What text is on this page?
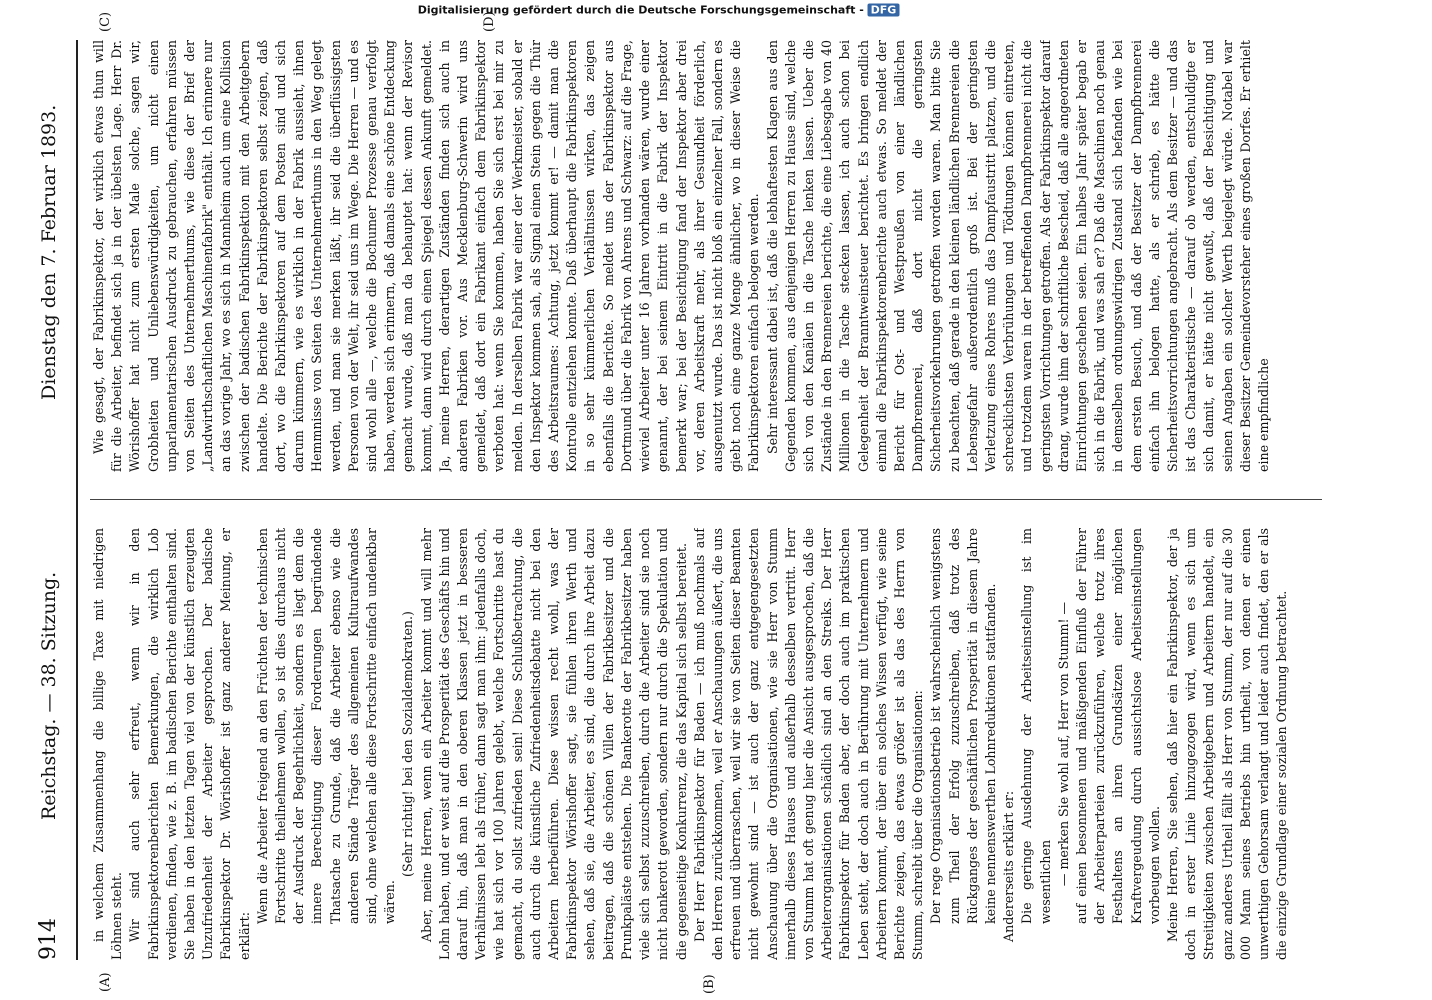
914
Reichstag. — 38. Sitzung.
Dienstag den 7. Februar 1893.
(A)	(B)
(C)	(D)

in welchem Zusammenhang die billige Taxe mit niedrigen Löhnen steht. Wir sind auch sehr erfreut, wenn wir in den Fabrikinspektorenberichten Bemerkungen, die wirklich Lob verdienen, finden, wie z. B. im badischen Berichte enthalten sind. Sie haben in den letzten Tagen viel von der künstlich erzeugten Unzufriedenheit der Arbeiter gesprochen. Der badische Fabrikinspektor Dr. Wörishoffer ist ganz anderer Meinung, er erklärt:

Wenn die Arbeiter freigend an den Früchten der technischen Fortschritte theilnehmen wollen, so ist dies durchaus nicht der Ausdruck der Begehrlichkeit, sondern es liegt dem die innere Berechtigung dieser Forderungen begründende Thatsache zu Grunde, daß die Arbeiter ebenso wie die anderen Stände Träger des allgemeinen Kulturaufwandes sind, ohne welchen alle diese Fortschritte einfach undenkbar wären.

(Sehr richtig! bei den Sozialdemokraten.) Aber, meine Herren, wenn ein Arbeiter kommt und will mehr Lohn haben, und er weist auf die Prosperität des Geschäfts hin und darauf hin, daß man in den oberen Klassen jetzt in besseren Verhältnissen lebt als früher, dann sagt man ihm: jedenfalls doch, wie hat sich vor 100 Jahren gelebt, welche Fortschritte hast du gemacht, du sollst zufrieden sein! Diese Schlußbetrachtung, die auch durch die künstliche Zufriedenheitsdebatte nicht bei den Arbeitern herbeiführen. Diese wissen recht wohl, was der Fabrikinspektor Wörishoffer sagt, sie fühlen ihren Werth und sehen, daß sie, die Arbeiter, es sind, die durch ihre Arbeit dazu beitragen, daß die schönen Villen der Fabrikbesitzer und die Prunkpaläste entstehen. Die Bankerotte der Fabrikbesitzer haben viele sich selbst zuzuschreiben, durch die Arbeiter sind sie noch nicht bankerott geworden, sondern nur durch die Spekulation und die gegenseitige Konkurrenz, die das Kapital sich selbst bereitet. Der Herr Fabrikinspektor für Baden — ich muß nochmals auf den Herren zurückkommen, weil er Anschauungen äußert, die uns erfreuen und überraschen, weil wir sie von Seiten dieser Beamten nicht gewohnt sind — ist auch der ganz entgegengesetzten Anschauung über die Organisationen, wie sie Herr von Stumm innerhalb dieses Hauses und außerhalb desselben vertritt. Herr von Stumm hat oft genug hier die Ansicht ausgesprochen, daß die Arbeiterorganisationen schädlich sind an den Streiks. Der Herr Fabrikinspektor für Baden aber, der doch auch im praktischen Leben steht, der doch auch in Berührung mit Unternehmern und Arbeitern kommt, der über ein solches Wissen verfügt, wie seine Berichte zeigen, das etwas größer ist als das des Herrn von Stumm, schreibt über die Organisationen: Der rege Organisationsbetrieb ist wahrscheinlich wenigstens zum Theil der Erfolg zuzuschreiben, daß trotz des Rückganges der geschäftlichen Prosperität in diesem Jahre keine nennenswerthen Lohnreduktionen stattfanden. Andererseits erklärt er: Die geringe Ausdehnung der Arbeitseinstellung ist im wesentlichen — merken Sie wohl auf, Herr von Stumm! — auf einen besonnenen und mäßigenden Einfluß der Führer der Arbeiterparteien zurückzuführen, welche trotz ihres Festhaltens an ihren Grundsätzen einer möglichen Kraftvergeudung durch aussichtslose Arbeitseinstellungen vorbeugen wollen. Meine Herren, Sie sehen, daß hier ein Fabrikinspektor, der ja doch in erster Linie hinzugezogen wird, wenn es sich um Streitigkeiten zwischen Arbeitgebern und Arbeitern handelt, ein ganz anderes Urtheil fällt als Herr von Stumm, der nur auf die 30 000 Mann seines Betriebs hin urtheilt, von denen er einen unwerthigen Gehorsam verlangt und leider auch findet, den er als die einzige Grundlage einer sozialen Ordnung betrachtet.

Wie gesagt, der Fabrikinspektor, der wirklich etwas thun will für die Arbeiter, befindet sich ja in der übelsten Lage. Herr Dr. Wörishoffer hat nicht zum ersten Male solche, sagen wir, Grobheiten und Unliebenswürdigkeiten, um nicht einen unparlamentarischen Ausdruck zu gebrauchen, erfahren müssen von Seiten des Unternehmerthums, wie diese der Brief der „Landwirthschaftlichen Maschinenfabrik" enthält. Ich erinnere nur an das vorige Jahr, wo es sich in Mannheim auch um eine Kollision zwischen der badischen Fabrikinspektion mit den Arbeitgebern handelte. Die Berichte der Fabrikinspektoren selbst zeigen, daß dort, wo die Fabrikinspektoren auf dem Posten sind und sich darum kümmern, wie es wirklich in der Fabrik aussieht, ihnen Hemmnisse von Seiten des Unternehmerthums in den Weg gelegt werden, und man sie merken läßt, ihr seid die überflüssigsten Personen von der Welt, ihr seid uns im Wege. Die Herren — und es sind wohl alle —, welche die Bochumer Prozesse genau verfolgt haben, werden sich erinnern, daß damals eine schöne Entdeckung gemacht wurde, daß man da behauptet hat: wenn der Revisor kommt, dann wird durch einen Spiegel dessen Ankunft gemeldet. Ja, meine Herren, derartigen Zuständen finden sich auch in anderen Fabriken vor. Aus Mecklenburg-Schwerin wird uns gemeldet, daß dort ein Fabrikant einfach dem Fabrikinspektor verboten hat: wenn Sie kommen, haben Sie sich erst bei mir zu melden. In derselben Fabrik war einer der Werkmeister, sobald er den Inspektor kommen sah, als Signal einen Stein gegen die Thür des Arbeitsraumes: Achtung, jetzt kommt er! — damit man die Kontrolle entziehen konnte. Daß überhaupt die Fabrikinspektoren in so sehr kümmerlichen Verhältnissen wirken, das zeigen ebenfalls die Berichte. So meldet uns der Fabrikinspektor aus Dortmund über die Fabrik von Ahrens und Schwarz: auf die Frage, wieviel Arbeiter unter 16 Jahren vorhanden wären, wurde einer genannt, der bei seinem Eintritt in die Fabrik der Inspektor bemerkt war; bei der Besichtigung fand der Inspektor aber drei vor, deren Arbeitskraft mehr, als ihrer Gesundheit förderlich, ausgenutzt wurde. Das ist nicht bloß ein einzelner Fall, sondern es giebt noch eine ganze Menge ähnlicher, wo in dieser Weise die Fabrikinspektoren einfach belogen werden. Sehr interessant dabei ist, daß die lebhaftesten Klagen aus den Gegenden kommen, aus denjenigen Herren zu Hause sind, welche sich von den Kanälen in die Tasche lenken lassen. Ueber die Zustände in den Brennereien berichte, die eine Liebesgabe von 40 Millionen in die Tasche stecken lassen, ich auch schon bei Gelegenheit der Branntweinsteuer berichtet. Es bringen endlich einmal die Fabrikinspektorenberichte auch etwas. So meldet der Bericht für Ost- und Westpreußen von einer ländlichen Dampfbrennerei, daß dort nicht die geringsten Sicherheitsvorkehrungen getroffen worden waren. Man bitte Sie zu beachten, daß gerade in den kleinen ländlichen Brennereien die Lebensgefahr außerordentlich groß ist. Bei der geringsten Verletzung eines Rohres muß das Dampfaustritt platzen, und die schrecklichsten Verbrühungen und Tödtungen können eintreten, und trotzdem waren in der betreffenden Dampfbrennerei nicht die geringsten Vorrichtungen getroffen. Als der Fabrikinspektor darauf drang, wurde ihm der schriftliche Bescheid, daß alle angeordneten Einrichtungen geschehen seien. Ein halbes Jahr später begab er sich in die Fabrik, und was sah er? Daß die Maschinen noch genau in demselben ordnungswidrigen Zustand sich befanden wie bei dem ersten Besuch, und daß der Besitzer der Dampfbrennerei einfach ihn belogen hatte, als er schrieb, es hätte die Sicherheitsvorrichtungen angebracht. Als dem Besitzer — und das ist das Charakteristische — darauf ob werden, entschuldigte er sich damit, er hätte nicht gewußt, daß der Besichtigung und seinen Angaben ein solcher Werth beigelegt würde. Notabel war dieser Besitzer Gemeindevorsteher eines großen Dorfes. Er erhielt eine empfindliche

Digitalisierung gefördert durch die Deutsche Forschungsgemeinschaft - DFG
